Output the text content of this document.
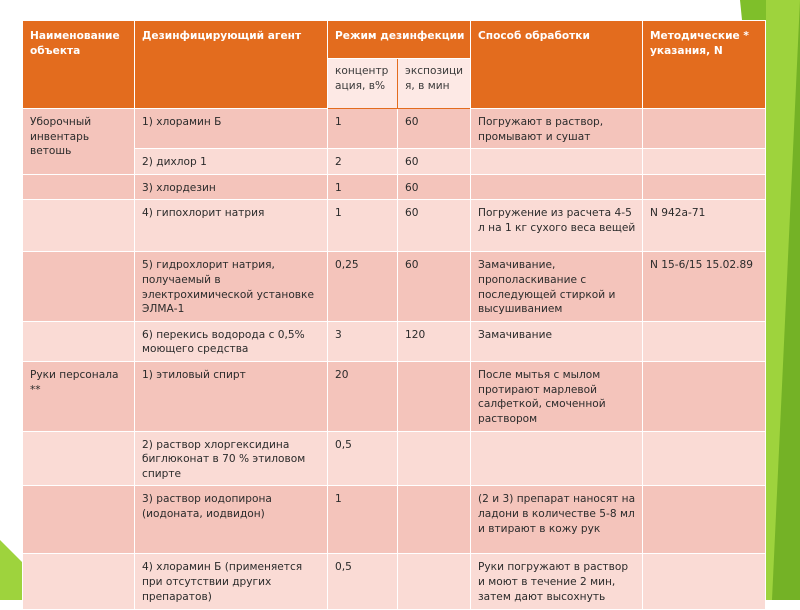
Наименование объекта	Дезинфицирующий агент	Режим дезинфекции		Способ обработки	Методические * указания, N
		концентрация, в%	экспозиция, в мин		
Уборочный инвентарь ветошь	1) хлорамин Б	1	60	Погружают в раствор, промывают и сушат	
	2) дихлор 1	2	60		
	3) хлордезин	1	60		
	4) гипохлорит натрия	1	60	Погружение из расчета 4-5 л на 1 кг сухого веса вещей	N 942а-71
	5) гидрохлорит натрия, получаемый в электрохимической установке ЭЛМА-1	0,25	60	Замачивание, прополаскивание с последующей стиркой и высушиванием	N 15-6/15 15.02.89
	6) перекись водорода с 0,5% моющего средства	3	120	Замачивание	
Руки персонала **	1) этиловый спирт	20		После мытья с мылом протирают марлевой салфеткой, смоченной раствором	
	2) раствор хлоргексидина биглюконат в 70 % этиловом спирте	0,5			
	3) раствор иодопирона (иодоната, иодвидон)	1		(2 и 3) препарат наносят на ладони в количестве 5-8 мл и втирают в кожу рук	
	4) хлорамин Б (применяется при отсутствии других препаратов)	0,5		Руки погружают в раствор и моют в течение 2 мин, затем дают высохнуть	
